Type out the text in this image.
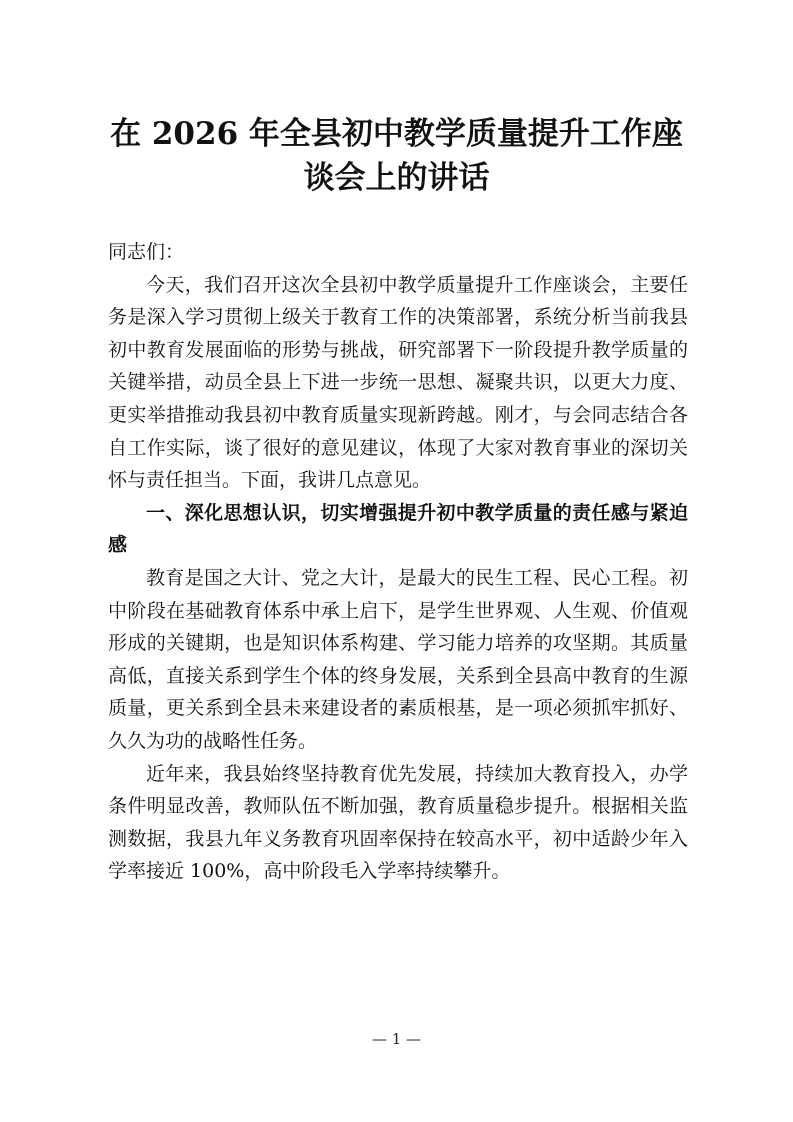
在 2026 年全县初中教学质量提升工作座
谈会上的讲话

同志们：

今天，我们召开这次全县初中教学质量提升工作座谈会，主要任务是深入学习贯彻上级关于教育工作的决策部署，系统分析当前我县初中教育发展面临的形势与挑战，研究部署下一阶段提升教学质量的关键举措，动员全县上下进一步统一思想、凝聚共识，以更大力度、更实举措推动我县初中教育质量实现新跨越。刚才，与会同志结合各自工作实际，谈了很好的意见建议，体现了大家对教育事业的深切关怀与责任担当。下面，我讲几点意见。

一、深化思想认识，切实增强提升初中教学质量的责任感与紧迫感

教育是国之大计、党之大计，是最大的民生工程、民心工程。初中阶段在基础教育体系中承上启下，是学生世界观、人生观、价值观形成的关键期，也是知识体系构建、学习能力培养的攻坚期。其质量高低，直接关系到学生个体的终身发展，关系到全县高中教育的生源质量，更关系到全县未来建设者的素质根基，是一项必须抓牢抓好、久久为功的战略性任务。

近年来，我县始终坚持教育优先发展，持续加大教育投入，办学条件明显改善，教师队伍不断加强，教育质量稳步提升。根据相关监测数据，我县九年义务教育巩固率保持在较高水平，初中适龄少年入学率接近 100%，高中阶段毛入学率持续攀升。

— 1 —
